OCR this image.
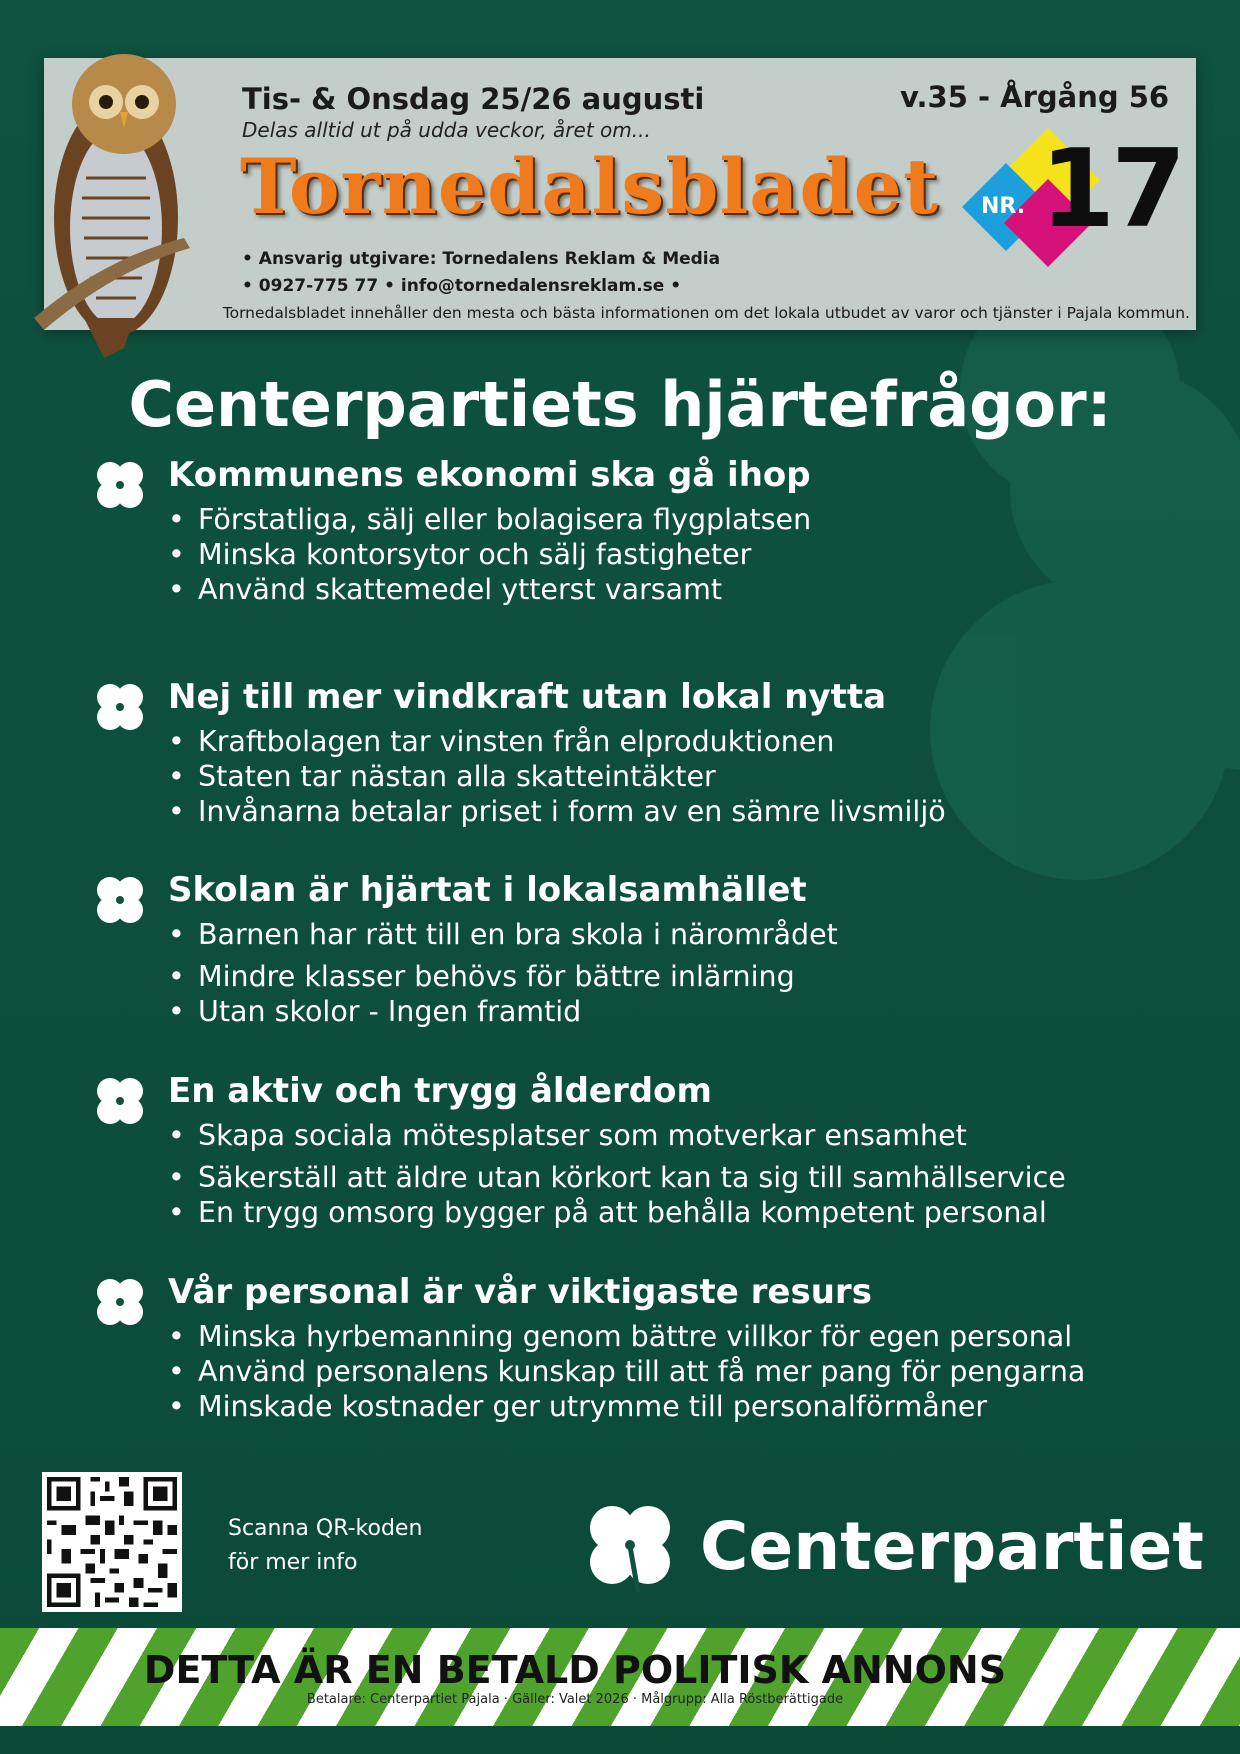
Tis- & Onsdag 25/26 augusti	v.35 - Årgång 56
Delas alltid ut på udda veckor, året om...
Tornedalsbladet NR. 17
• Ansvarig utgivare: Tornedalens Reklam & Media
• 0927-775 77 • info@tornedalensreklam.se •
Tornedalsbladet innehåller den mesta och bästa informationen om det lokala utbudet av varor och tjänster i Pajala kommun.
Centerpartiets hjärtefrågor:
Kommunens ekonomi ska gå ihop
• Förstatliga, sälj eller bolagisera flygplatsen
• Minska kontorsytor och sälj fastigheter
• Använd skattemedel ytterst varsamt
Nej till mer vindkraft utan lokal nytta
• Kraftbolagen tar vinsten från elproduktionen
• Staten tar nästan alla skatteintäkter
• Invånarna betalar priset i form av en sämre livsmiljö
Skolan är hjärtat i lokalsamhället
• Barnen har rätt till en bra skola i närområdet
• Mindre klasser behövs för bättre inlärning
• Utan skolor - Ingen framtid
En aktiv och trygg ålderdom
• Skapa sociala mötesplatser som motverkar ensamhet
• Säkerställ att äldre utan körkort kan ta sig till samhällservice
• En trygg omsorg bygger på att behålla kompetent personal
Vår personal är vår viktigaste resurs
• Minska hyrbemanning genom bättre villkor för egen personal
• Använd personalens kunskap till att få mer pang för pengarna
• Minskade kostnader ger utrymme till personalförmåner
Scanna QR-koden
för mer info	Centerpartiet
DETTA ÄR EN BETALD POLITISK ANNONS
Betalare: Centerpartiet Pajala · Gäller: Valet 2026 · Målgrupp: Alla Röstberättigade
